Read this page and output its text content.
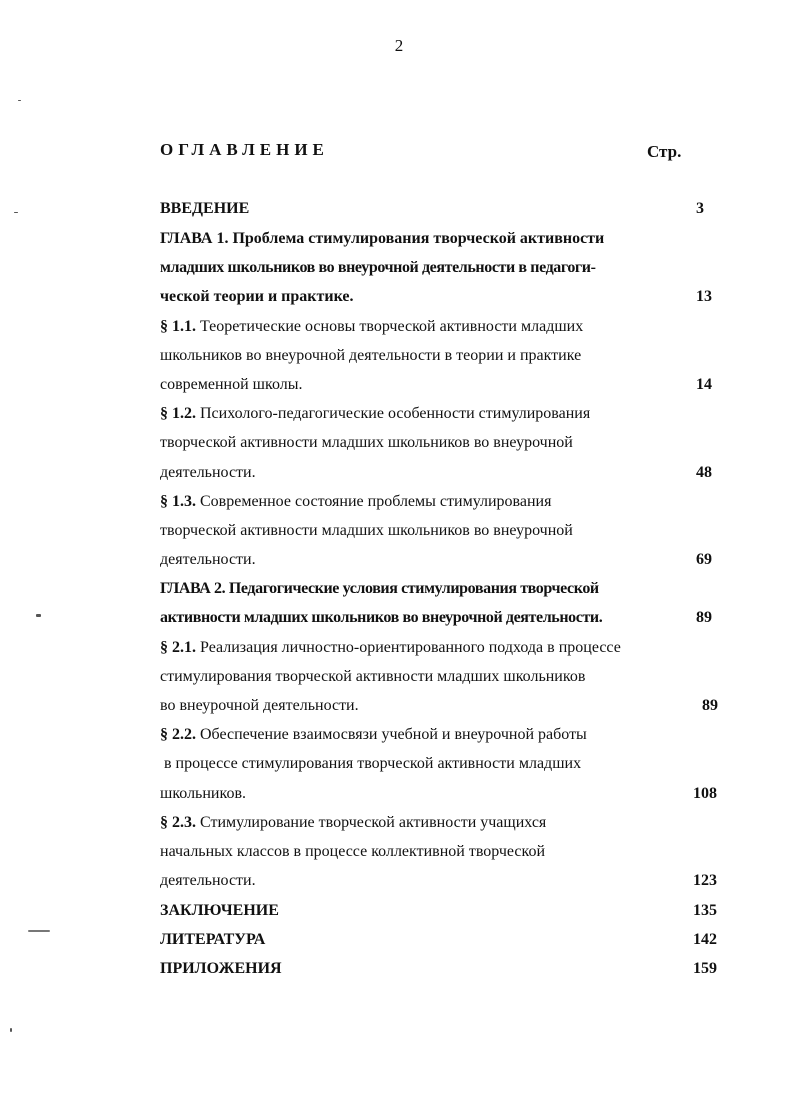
2
ОГЛАВЛЕНИЕ	Стр.
ВВЕДЕНИЕ	3
ГЛАВА 1. Проблема стимулирования творческой активности
младших школьников во внеурочной деятельности в педагоги-
ческой теории и практике.	13
§ 1.1. Теоретические основы творческой активности младших
школьников во внеурочной деятельности в теории и практике
современной школы.	14
§ 1.2. Психолого-педагогические особенности стимулирования
творческой активности младших школьников во внеурочной
деятельности.	48
§ 1.3. Современное состояние проблемы стимулирования
творческой активности младших школьников во внеурочной
деятельности.	69
ГЛАВА 2. Педагогические условия стимулирования творческой
активности младших школьников во внеурочной деятельности.	89
§ 2.1. Реализация личностно-ориентированного подхода в процессе
стимулирования творческой активности младших школьников
во внеурочной деятельности.	89
§ 2.2. Обеспечение взаимосвязи учебной и внеурочной работы
в процессе стимулирования творческой активности младших
школьников.	108
§ 2.3. Стимулирование творческой активности учащихся
начальных классов в процессе коллективной творческой
деятельности.	123
ЗАКЛЮЧЕНИЕ	135
ЛИТЕРАТУРА	142
ПРИЛОЖЕНИЯ	159
